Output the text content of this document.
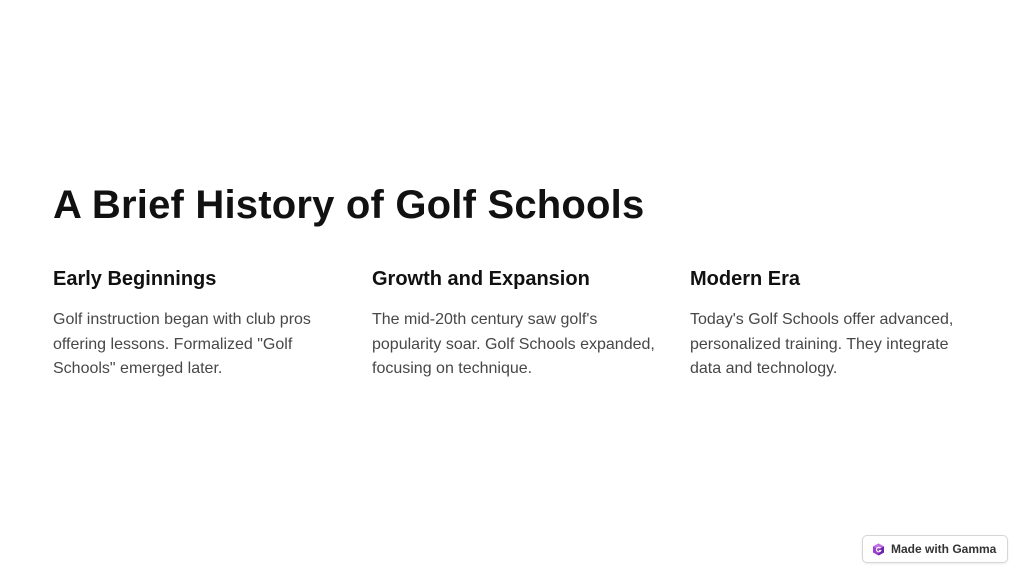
A Brief History of Golf Schools
Early Beginnings

Golf instruction began with club pros offering lessons. Formalized "Golf Schools" emerged later.

Growth and Expansion

The mid-20th century saw golf's popularity soar. Golf Schools expanded, focusing on technique.

Modern Era

Today's Golf Schools offer advanced, personalized training. They integrate data and technology.

Made with Gamma
